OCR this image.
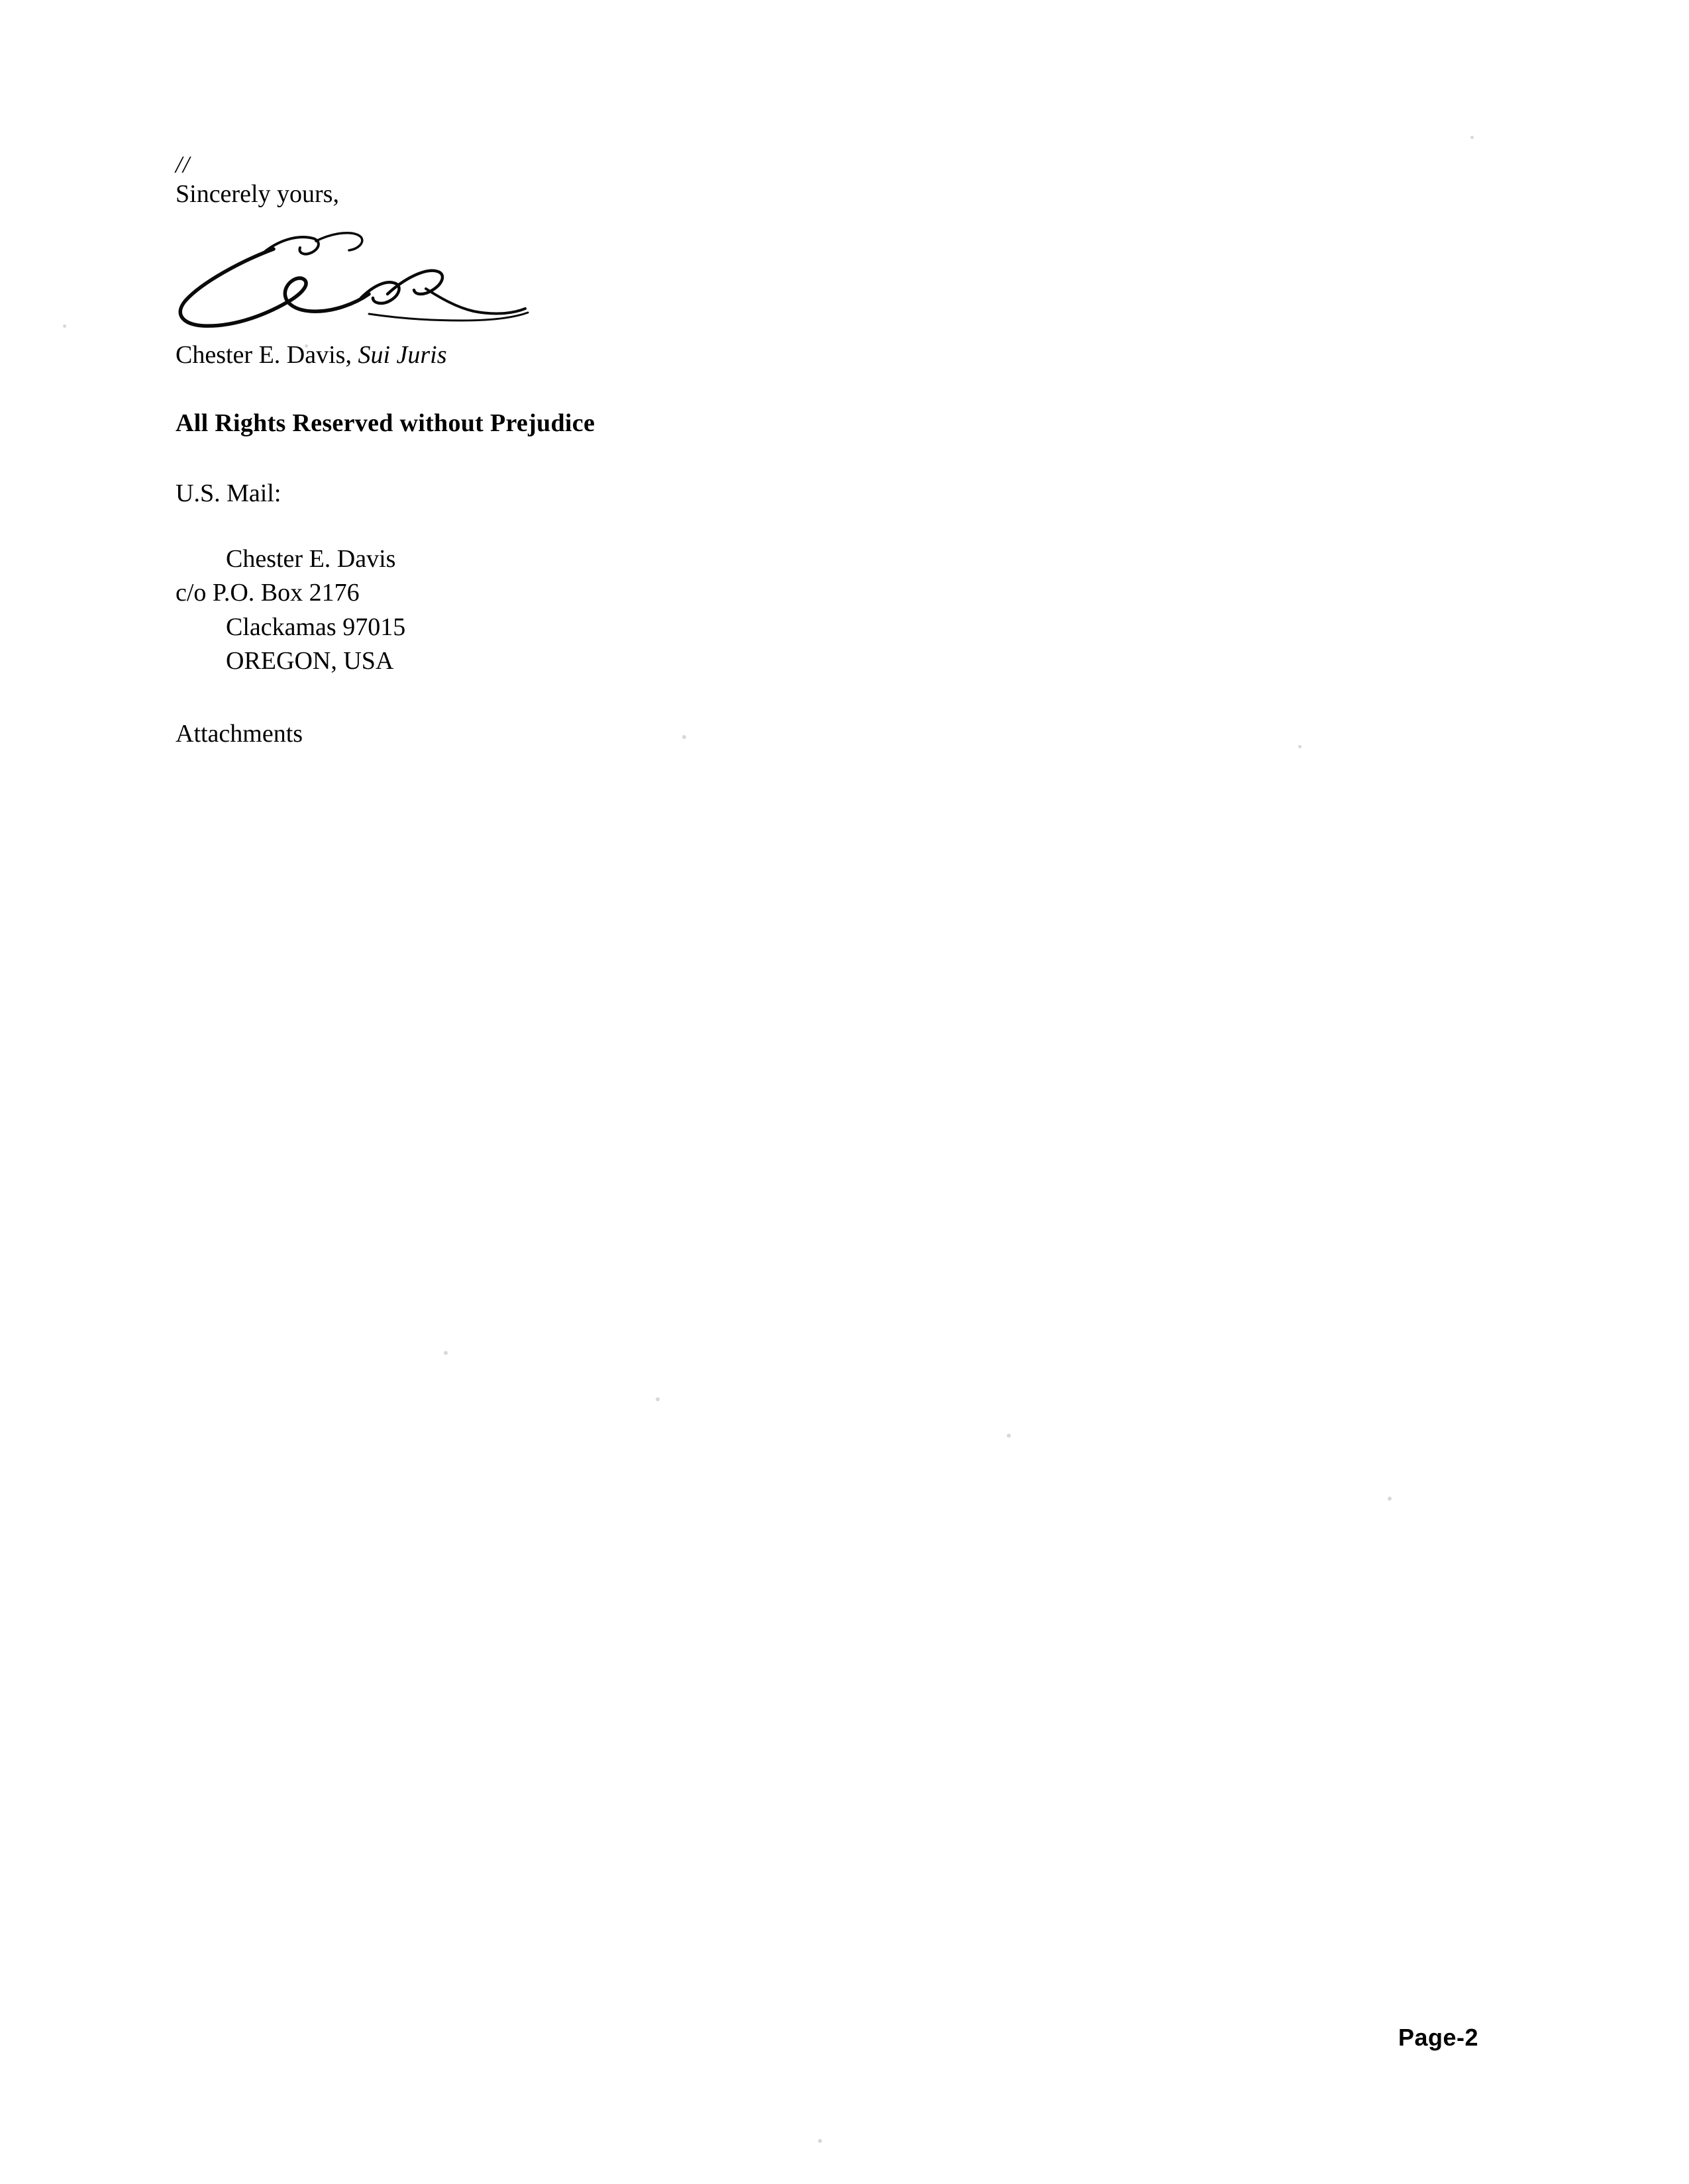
//
Sincerely yours,
Chester E. Davis, Sui Juris
All Rights Reserved without Prejudice
U.S. Mail:
Chester E. Davis
c/o P.O. Box 2176
Clackamas 97015
OREGON, USA
Attachments
Page-2
